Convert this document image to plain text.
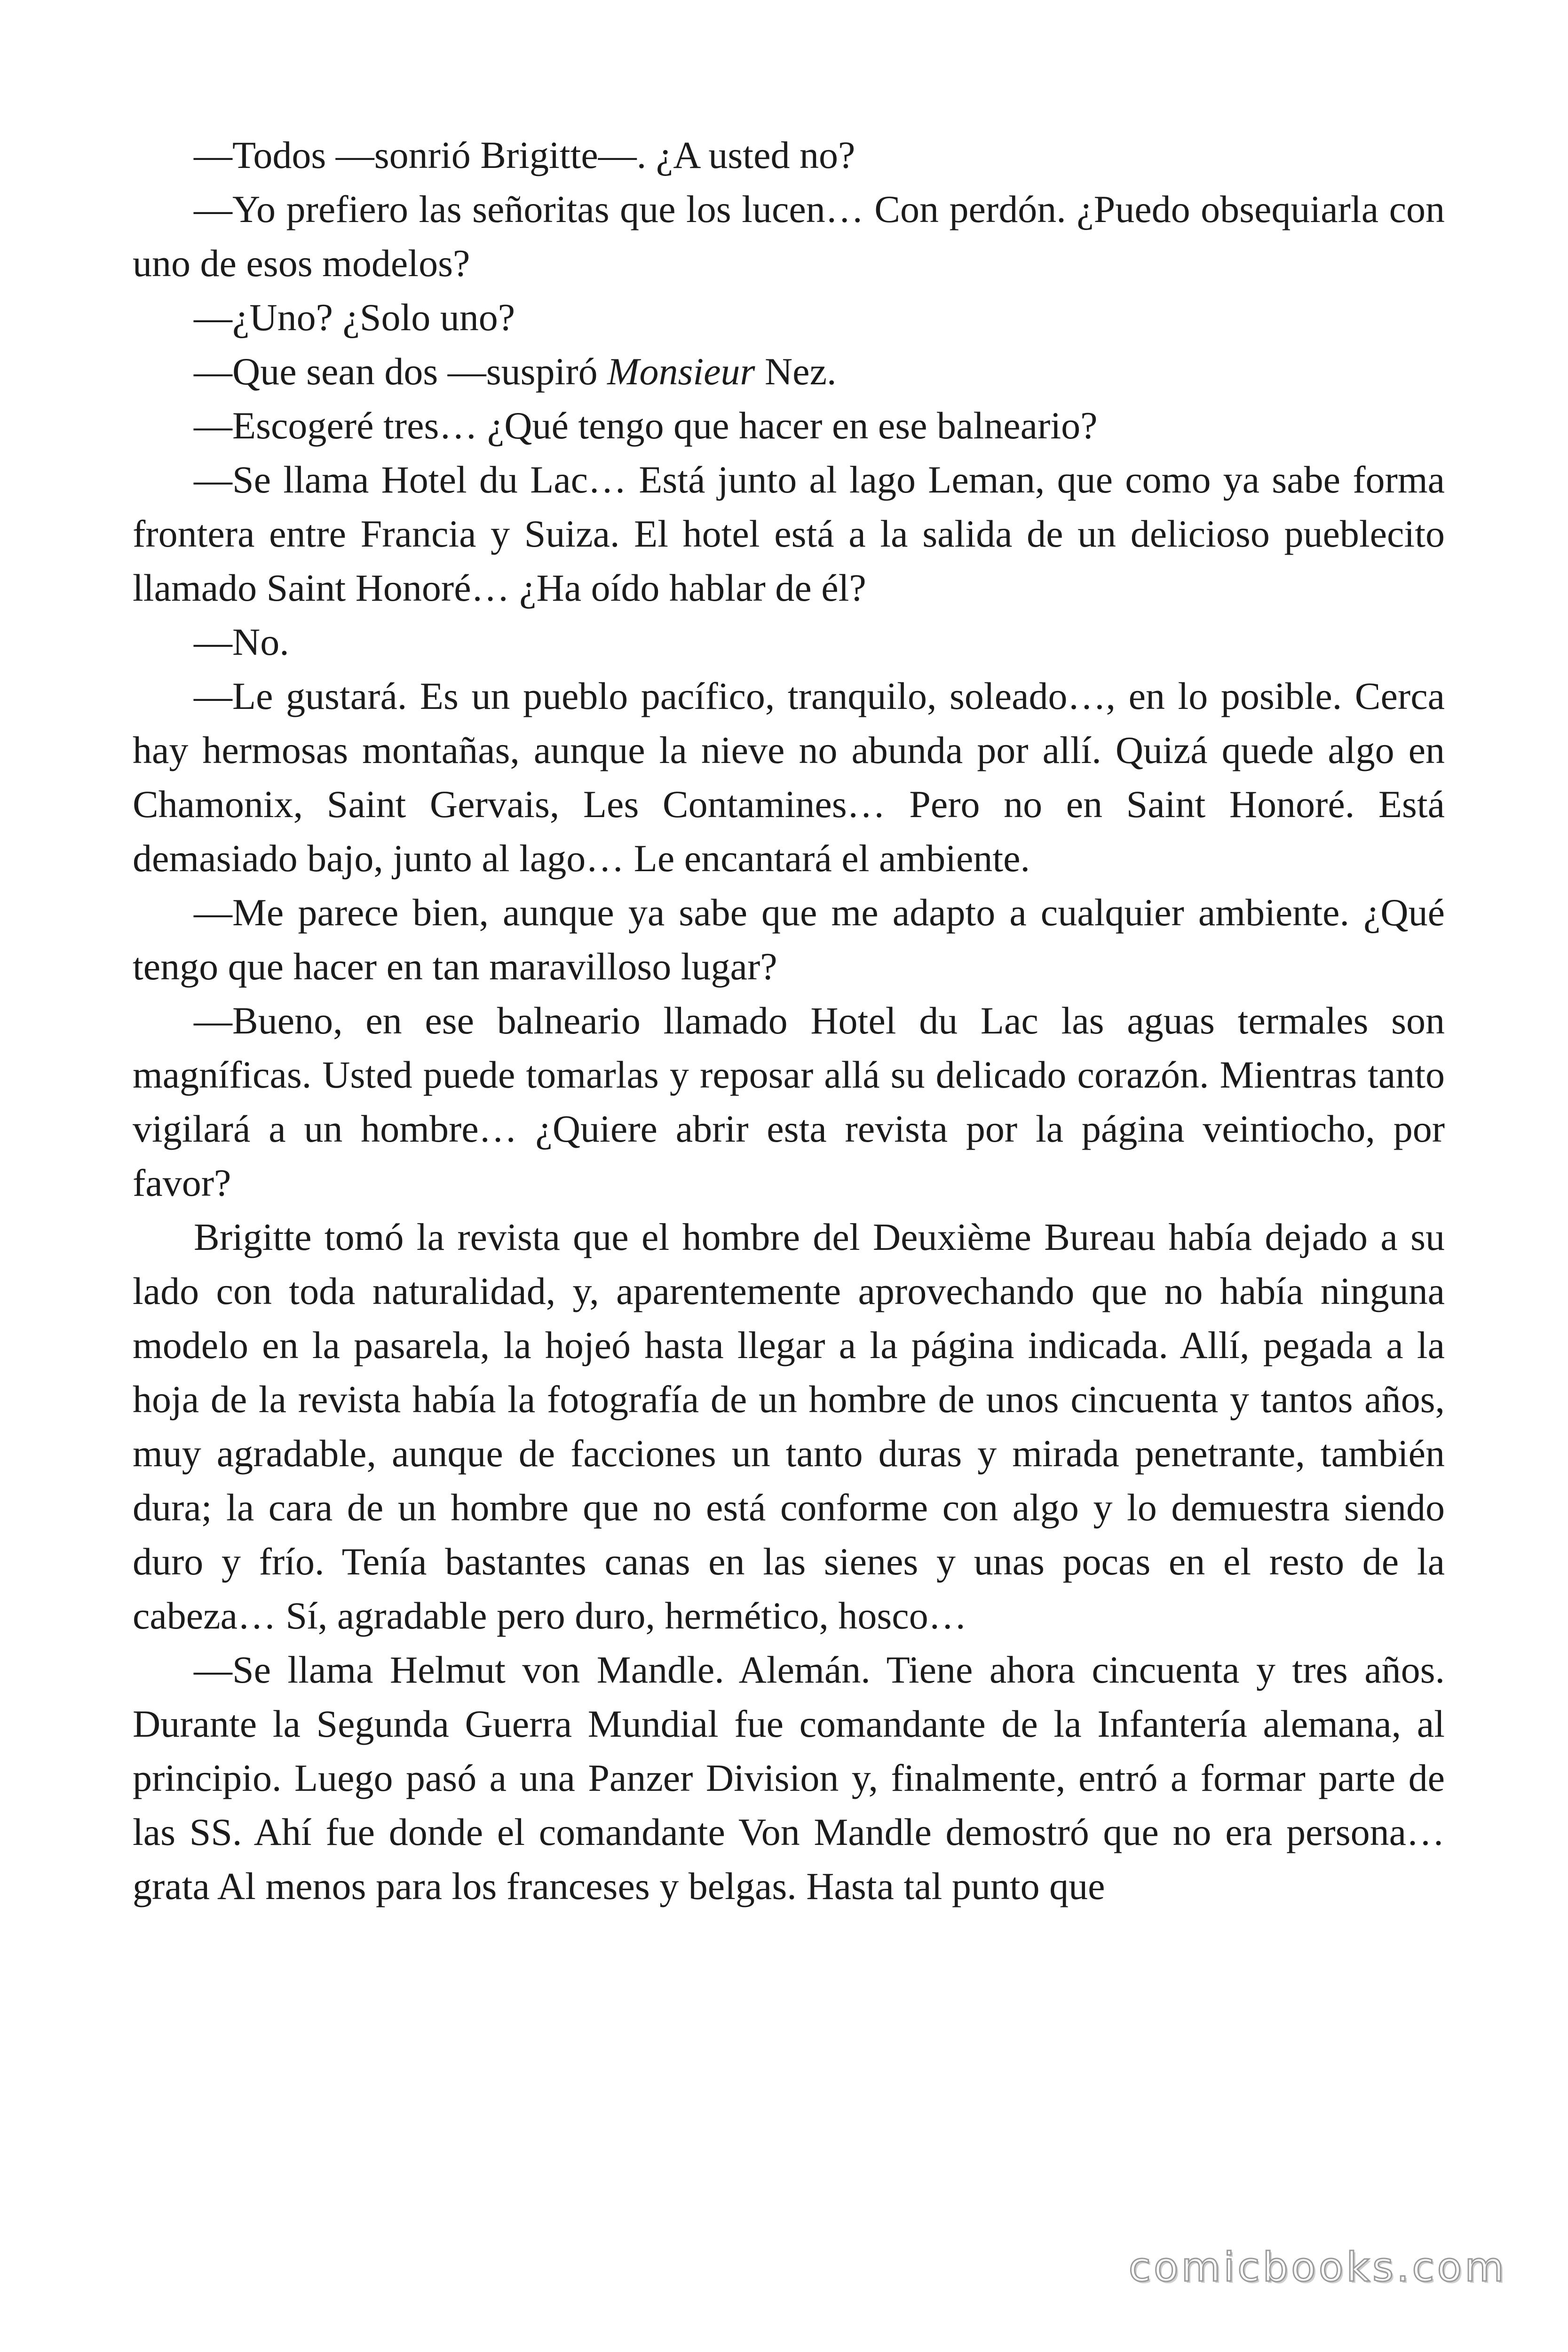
—Todos —sonrió Brigitte—. ¿A usted no?

—Yo prefiero las señoritas que los lucen… Con perdón. ¿Puedo obsequiarla con uno de esos modelos?

—¿Uno? ¿Solo uno?

—Que sean dos —suspiró Monsieur Nez.

—Escogeré tres… ¿Qué tengo que hacer en ese balneario?

—Se llama Hotel du Lac… Está junto al lago Leman, que como ya sabe forma frontera entre Francia y Suiza. El hotel está a la salida de un delicioso pueblecito llamado Saint Honoré… ¿Ha oído hablar de él?

—No.

—Le gustará. Es un pueblo pacífico, tranquilo, soleado…, en lo posible. Cerca hay hermosas montañas, aunque la nieve no abunda por allí. Quizá quede algo en Chamonix, Saint Gervais, Les Contamines… Pero no en Saint Honoré. Está demasiado bajo, junto al lago… Le encantará el ambiente.

—Me parece bien, aunque ya sabe que me adapto a cualquier ambiente. ¿Qué tengo que hacer en tan maravilloso lugar?

—Bueno, en ese balneario llamado Hotel du Lac las aguas termales son magníficas. Usted puede tomarlas y reposar allá su delicado corazón. Mientras tanto vigilará a un hombre… ¿Quiere abrir esta revista por la página veintiocho, por favor?

Brigitte tomó la revista que el hombre del Deuxième Bureau había dejado a su lado con toda naturalidad, y, aparentemente aprovechando que no había ninguna modelo en la pasarela, la hojeó hasta llegar a la página indicada. Allí, pegada a la hoja de la revista había la fotografía de un hombre de unos cincuenta y tantos años, muy agradable, aunque de facciones un tanto duras y mirada penetrante, también dura; la cara de un hombre que no está conforme con algo y lo demuestra siendo duro y frío. Tenía bastantes canas en las sienes y unas pocas en el resto de la cabeza… Sí, agradable pero duro, hermético, hosco…

—Se llama Helmut von Mandle. Alemán. Tiene ahora cincuenta y tres años. Durante la Segunda Guerra Mundial fue comandante de la Infantería alemana, al principio. Luego pasó a una Panzer Division y, finalmente, entró a formar parte de las SS. Ahí fue donde el comandante Von Mandle demostró que no era persona… grata Al menos para los franceses y belgas. Hasta tal punto que

comicbooks.com
